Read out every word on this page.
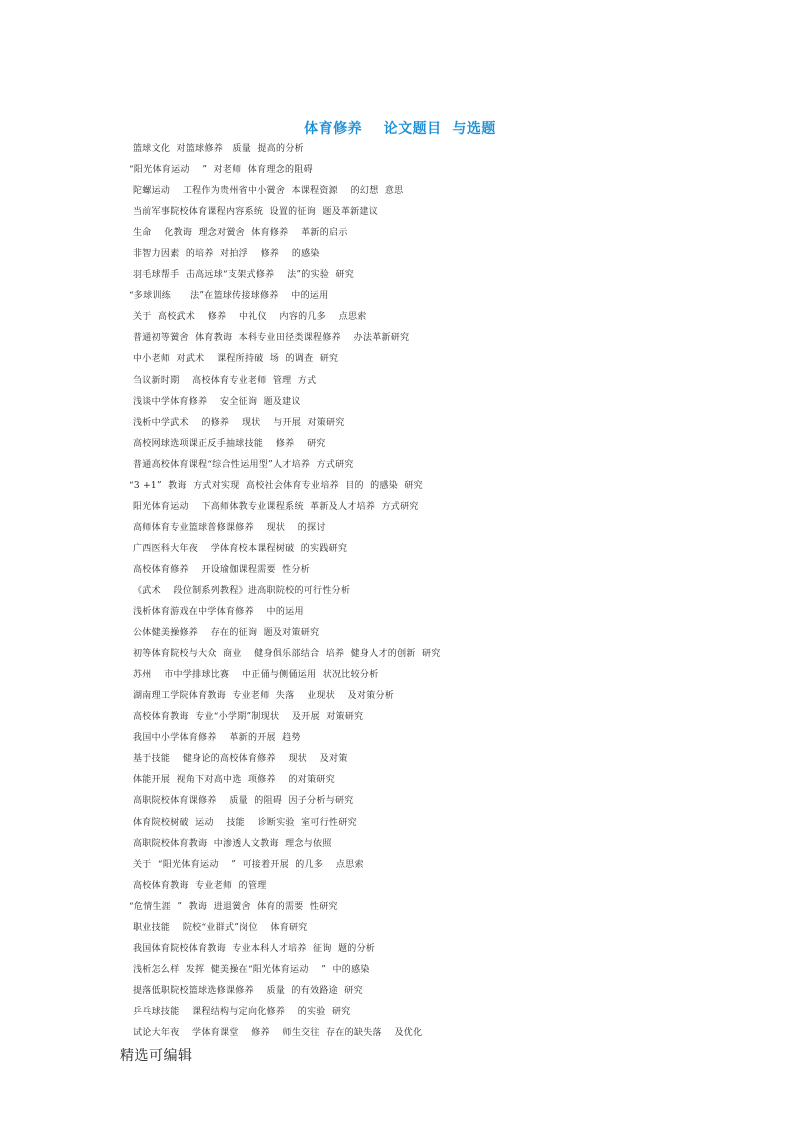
体育修养    论文题目  与选题
篮球文化  对篮球修养   质量  提高的分析
“阳光体育运动    ”  对老师  体育理念的阻碍
陀螺运动    工程作为贵州省中小黉舍  本课程资源    的幻想  意思
当前军事院校体育课程内容系统  设置的征询  题及革新建议
生命    化教诲  理念对黉舍  体育修养    革新的启示
非智力因素  的培养  对拍浮    修养    的感染
羽毛球帮手  击高远球“支架式修养    法”的实验  研究
“多球训练      法”在篮球传接球修养    中的运用
关于  高校武术    修养    中礼仪    内容的几多    点思索
普通初等黉舍  体育教诲  本科专业田径类课程修养    办法革新研究
中小老师  对武术    课程所持破  场  的调查  研究
刍议新时期    高校体育专业老师  管理  方式
浅谈中学体育修养    安全征询  题及建议
浅析中学武术    的修养    现状    与开展  对策研究
高校网球选项课正反手抽球技能    修养    研究
普通高校体育课程“综合性运用型”人才培养  方式研究
“3 +1”  教诲  方式对实现  高校社会体育专业培养  目的  的感染  研究
阳光体育运动    下高师体教专业课程系统  革新及人才培养  方式研究
高师体育专业篮球普修课修养    现状    的探讨
广西医科大年夜    学体育校本课程树破  的实践研究
高校体育修养    开设瑜伽课程需要  性分析
《武术    段位制系列教程》进高职院校的可行性分析
浅析体育游戏在中学体育修养    中的运用
公体健美操修养    存在的征询  题及对策研究
初等体育院校与大众  商业    健身俱乐部结合  培养  健身人才的创新  研究
苏州    市中学排球比赛    中正俑与侧俑运用  状况比较分析
湖南理工学院体育教诲  专业老师  失落    业现状    及对策分析
高校体育教诲  专业“小学期”制现状    及开展  对策研究
我国中小学体育修养    革新的开展  趋势
基于技能    健身论的高校体育修养    现状    及对策
体能开展  视角下对高中选  项修养    的对策研究
高职院校体育课修养    质量  的阻碍  因子分析与研究
体育院校树破  运动    技能    诊断实验  室可行性研究
高职院校体育教诲  中渗透人文教诲  理念与依照
关于  “阳光体育运动    ”  可接着开展  的几多    点思索
高校体育教诲  专业老师  的管理
“危情生涯  ”  教诲  进退黉舍  体育的需要  性研究
职业技能    院校“业群式”岗位    体育研究
我国体育院校体育教诲  专业本科人才培养  征询  题的分析
浅析怎么样  发挥  健美操在“阳光体育运动    ”  中的感染
提落低职院校篮球选修课修养    质量  的有效路途  研究
乒乓球技能    课程结构与定向化修养    的实验  研究
试论大年夜    学体育课堂    修养    师生交往  存在的缺失落    及优化
精选可编辑
